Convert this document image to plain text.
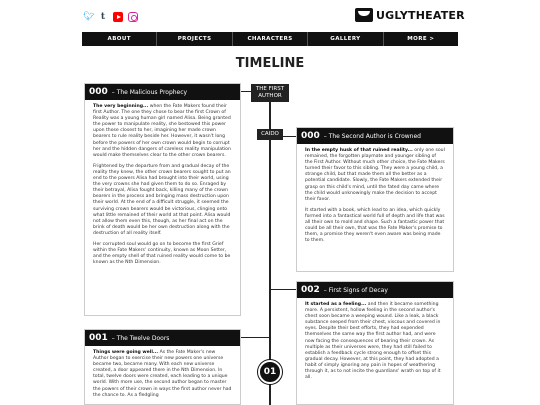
🐦︎ t	UGLYTHEATER
ABOUT	PROJECTS	CHARACTERS	GALLERY	MORE >
TIMELINE
THE FIRST AUTHOR
CAIDO
01
000 – The Malicious Prophecy

The very beginning... when the Fate Makers found their first Author. The one they chose to bear the first Crown of Reality was a young human girl named Alisa. Being granted the power to manipulate reality, she bestowed this power upon those closest to her, imagining her made crown bearers to rule reality beside her. However, it wasn't long before the powers of her own crown would begin to corrupt her and the hidden dangers of careless reality manipulation would make themselves clear to the other crown bearers.

Frightened by the departure from and gradual decay of the reality they knew, the other crown bearers sought to put an end to the powers Alisa had brought into their world, using the very crowns she had given them to do so. Enraged by their betrayal, Alisa fought back, killing many of the crown bearers in the process and bringing mass destruction upon their world. At the end of a difficult struggle, it seemed the surviving crown bearers would be victorious, clinging onto what little remained of their world at that point. Alisa would not allow them even this, though, as her final act on the brink of death would be her own destruction along with the destruction of all reality itself.

Her corrupted soul would go on to become the first Grief within the Fate Makers' continuity, known as Moon Setter, and the empty shell of that ruined reality would come to be known as the Nth Dimension.

000 – The Second Author is Crowned

In the empty husk of that ruined reality... only one soul remained, the forgotten playmate and younger sibling of the First Author. Without much other choice, the Fate Makers turned their favor to this sibling. They were a young child, a strange child, but that made them all the better as a potential candidate. Slowly, the Fate Makers extended their grasp on this child's mind, until the fated day came where the child would unknowingly make the decision to accept their favor.

It started with a book, which lead to an idea, which quickly formed into a fantastical world full of depth and life that was all their own to mold and shape. Such a fantastic power that could be all their own, that was the Fate Maker's promise to them, a promise they weren't even aware was being made to them.

002 – First Signs of Decay

It started as a feeling... and then it became something more. A persistent, hollow feeling in the second author's chest soon became a weeping wound. Like a leak, a black substance seeped from their chest, viscous and covered in eyes. Despite their best efforts, they had expended themselves the same way the first author had, and were now facing the consequences of bearing their crown. As multiple as their universes were, they had still failed to establish a feedback cycle strong enough to offset this gradual decay. However, at this point, they had adopted a habit of simply ignoring any pain in hopes of weathering through it, as to not incite the guardians' wrath on top of it all.

001 – The Twelve Doors

Things were going well... As the Fate Maker's new Author began to exercise their new powers one universe became two, became many. With each new universe created, a door appeared there in the Nth Dimension. In total, twelve doors were created, each leading to a unique world. With more use, the second author began to master the powers of their crown in ways the first author never had the chance to. As a fledgling
